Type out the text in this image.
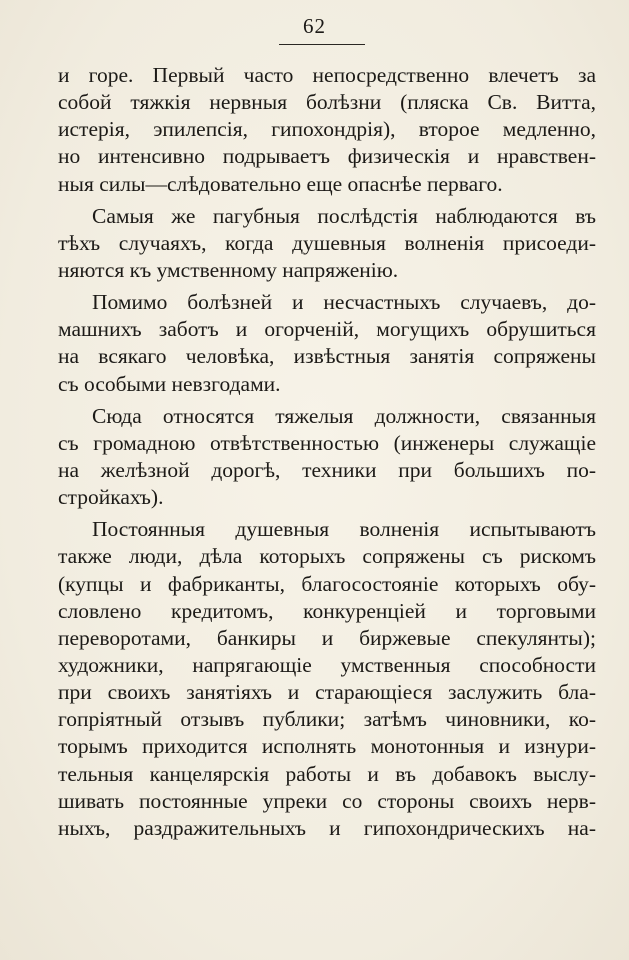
62
и горе. Первый часто непосредственно влечетъ за
собой тяжкія нервныя болѣзни (пляска Св. Витта,
истерія, эпилепсія, гипохондрія), второе медленно,
но интенсивно подрываетъ физическія и нравствен-
ныя силы—слѣдовательно еще опаснѣе перваго.
Самыя же пагубныя послѣдстія наблюдаются въ
тѣхъ случаяхъ, когда душевныя волненія присоеди-
няются къ умственному напряженію.
Помимо болѣзней и несчастныхъ случаевъ, до-
машнихъ заботъ и огорченій, могущихъ обрушиться
на всякаго человѣка, извѣстныя занятія сопряжены
съ особыми невзгодами.
Сюда относятся тяжелыя должности, связанныя
съ громадною отвѣтственностью (инженеры служащіе
на желѣзной дорогѣ, техники при большихъ по-
стройкахъ).
Постоянныя душевныя волненія испытываютъ
также люди, дѣла которыхъ сопряжены съ рискомъ
(купцы и фабриканты, благосостояніе которыхъ обу-
словлено кредитомъ, конкуренціей и торговыми
переворотами, банкиры и биржевые спекулянты);
художники, напрягающіе умственныя способности
при своихъ занятіяхъ и старающіеся заслужить бла-
гопріятный отзывъ публики; затѣмъ чиновники, ко-
торымъ приходится исполнять монотонныя и изнури-
тельныя канцелярскія работы и въ добавокъ выслу-
шивать постоянные упреки со стороны своихъ нерв-
ныхъ, раздражительныхъ и гипохондрическихъ на-
